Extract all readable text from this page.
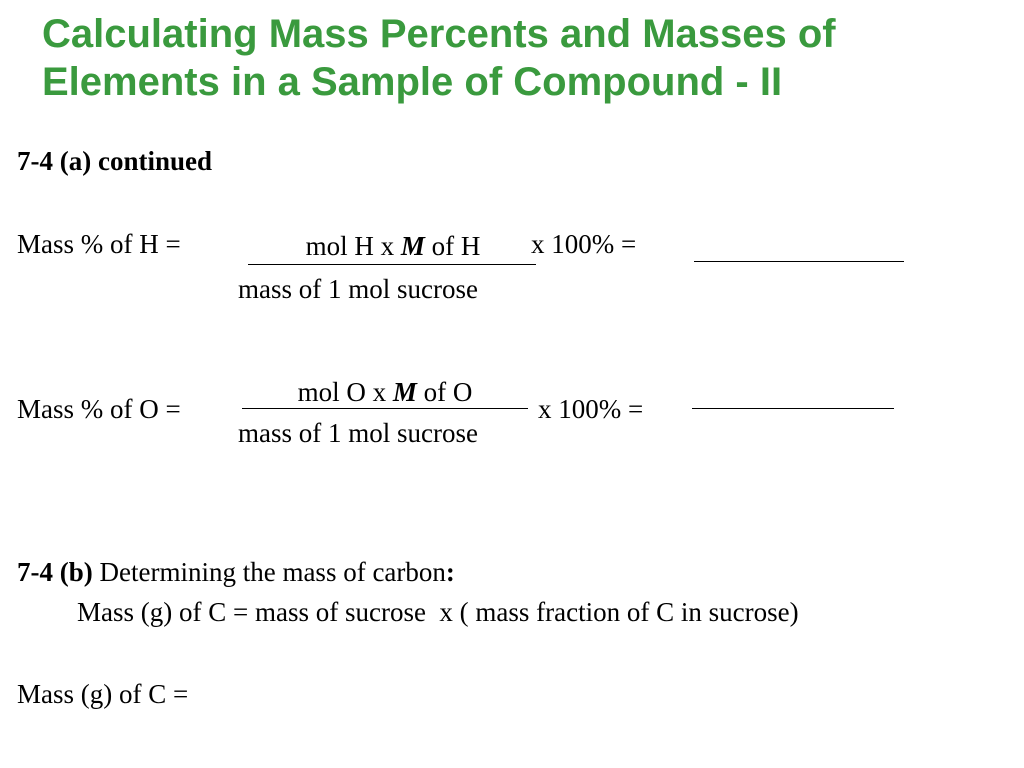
Calculating Mass Percents and Masses of
Elements in a Sample of Compound - II
7-4 (a) continued
Mass % of H =	mol H x M of H
mass of 1 mol sucrose
x 100% =
mol O x M of O
Mass % of O =
mass of 1 mol sucrose
x 100% =
7-4 (b) Determining the mass of carbon:
Mass (g) of C = mass of sucrose  x ( mass fraction of C in sucrose)
Mass (g) of C =
